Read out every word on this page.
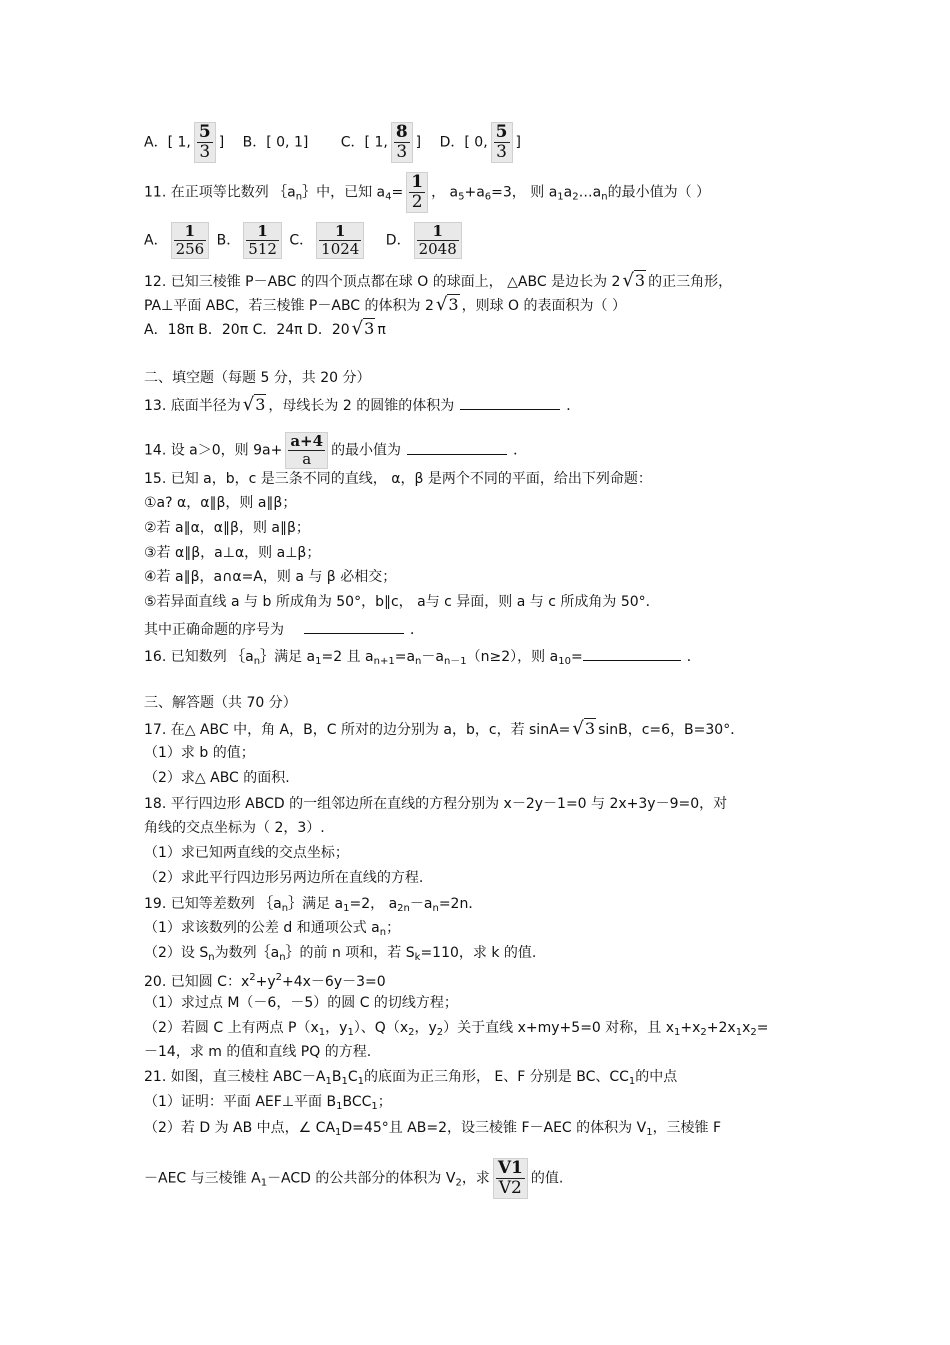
A．[ 1, $\frac{5}{3}$ ] B．[ 0, 1] C．[ 1, $\frac{8}{3}$ ] D．[ 0, $\frac{5}{3}$ ]
11. 在正项等比数列 $\{a_n\}$中，已知 $a_4= \frac{1}{2}$ ， $a_5+a_6=3$， 则 $a_1a_2\dots a_n$的最小值为（ ）
A． $\frac{1}{256}$ B． $\frac{1}{512}$ C． $\frac{1}{1024}$ D． $\frac{1}{2048}$
12. 已知三棱锥 P－ABC 的四个顶点都在球 O 的球面上， △ABC 是边长为 2 √3 的正三角形，
PA⊥平面 ABC，若三棱锥 P－ABC 的体积为 2 √3 ，则球 O 的表面积为（ ）
A．18π B．20π C．24π D．20 √3 π
二、填空题（每题 5 分，共 20 分）
13. 底面半径为 √3 ，母线长为 2 的圆锥的体积为	．
14. 设 a＞0，则 $9a+ \frac{a+4}{a}$ 的最小值为	．
15. 已知 a，b，c 是三条不同的直线， α，β 是两个不同的平面，给出下列命题：
①a? α，α∥β，则 a∥β；
②若 a∥α，α∥β，则 a∥β；
③若 α∥β，a⊥α，则 a⊥β；
④若 a∥β，a∩α=A，则 a 与 β 必相交；
⑤若异面直线 a 与 b 所成角为 50°，b∥c， a与 c 异面，则 a 与 c 所成角为 50°．
其中正确命题的序号为	．
16. 已知数列 $\{a_n\}$满足 $a_1=2$ 且 $a_{n+1}=a_n-a_{n-1}(n\ge 2)$，则 $a_{10}=$	．
三、解答题（共 70 分）
17. 在△ ABC 中，角 A，B，C 所对的边分别为 a，b，c，若 sinA= √3 sinB，c=6，B=30°．
（1）求 b 的值；
（2）求△ ABC 的面积.
18. 平行四边形 ABCD 的一组邻边所在直线的方程分别为 x－2y－1=0 与 2x+3y－9=0，对
角线的交点坐标为（ 2，3）.
（1）求已知两直线的交点坐标；
（2）求此平行四边形另两边所在直线的方程.
19. 已知等差数列 $\{a_n\}$满足 $a_1=2$， $a_{2n}-a_n=2n$．
（1）求该数列的公差 d 和通项公式 $a_n$；
（2）设 $S_n$为数列$\{a_n\}$的前 n 项和，若 $S_k=110$，求 k 的值.
20. 已知圆 C：$x^2+y^2+4x-6y-3=0$
（1）求过点 M（－6，－5）的圆 C 的切线方程；
（2）若圆 C 上有两点 $P(x_1$，$y_1$）、$Q(x_2$，$y_2$）关于直线 x+my+5=0 对称，且 $x_1+x_2+2x_1x_2=$
－14，求 m 的值和直线 PQ 的方程.
21. 如图，直三棱柱 $ABC-A_1B_1C_1$的底面为正三角形， E、F 分别是 BC、$CC_1$的中点
（1）证明：平面 AEF⊥平面 $B_1BCC_1$；
（2）若 D 为 AB 中点，∠ $CA_1D=45^\circ$且 AB=2，设三棱锥 F－AEC 的体积为 $V_1$，三棱锥 F
－AEC 与三棱锥 $A_1-ACD$ 的公共部分的体积为 $V_2$，求 $\frac{V1}{V2}$ 的值.
